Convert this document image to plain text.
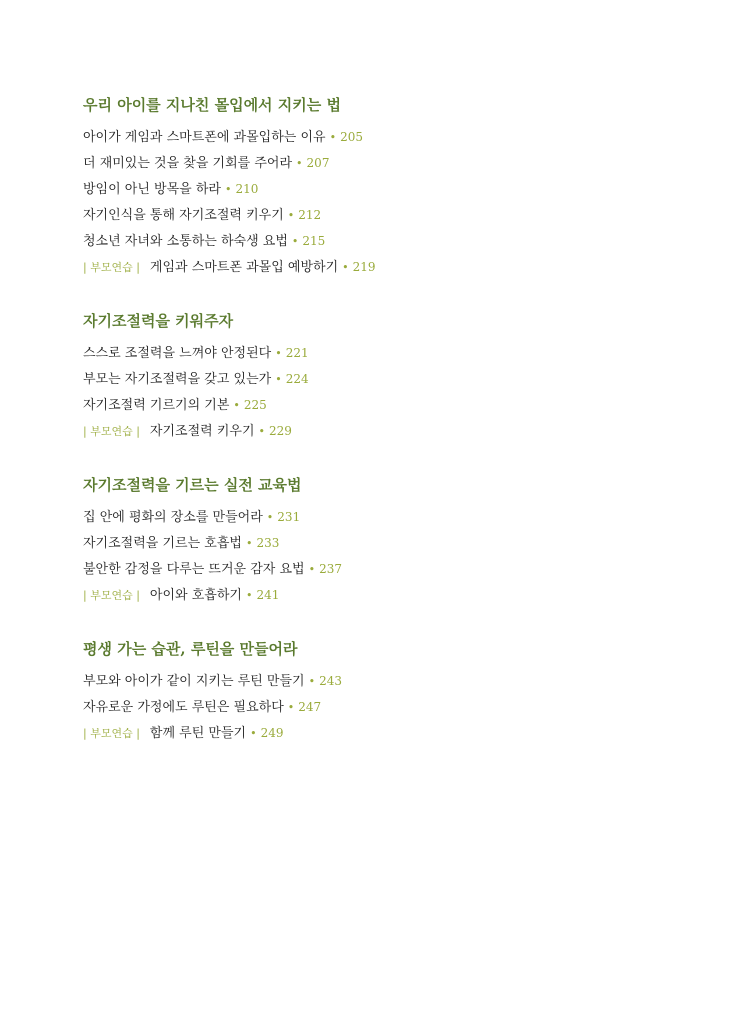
우리 아이를 지나친 몰입에서 지키는 법
아이가 게임과 스마트폰에 과몰입하는 이유 • 205
더 재미있는 것을 찾을 기회를 주어라 • 207
방임이 아닌 방목을 하라 • 210
자기인식을 통해 자기조절력 키우기 • 212
청소년 자녀와 소통하는 하숙생 요법 • 215
| 부모연습 | 게임과 스마트폰 과몰입 예방하기 • 219
자기조절력을 키워주자
스스로 조절력을 느껴야 안정된다 • 221
부모는 자기조절력을 갖고 있는가 • 224
자기조절력 기르기의 기본 • 225
| 부모연습 | 자기조절력 키우기 • 229
자기조절력을 기르는 실전 교육법
집 안에 평화의 장소를 만들어라 • 231
자기조절력을 기르는 호흡법 • 233
불안한 감정을 다루는 뜨거운 감자 요법 • 237
| 부모연습 | 아이와 호흡하기 • 241
평생 가는 습관, 루틴을 만들어라
부모와 아이가 같이 지키는 루틴 만들기 • 243
자유로운 가정에도 루틴은 필요하다 • 247
| 부모연습 | 함께 루틴 만들기 • 249
